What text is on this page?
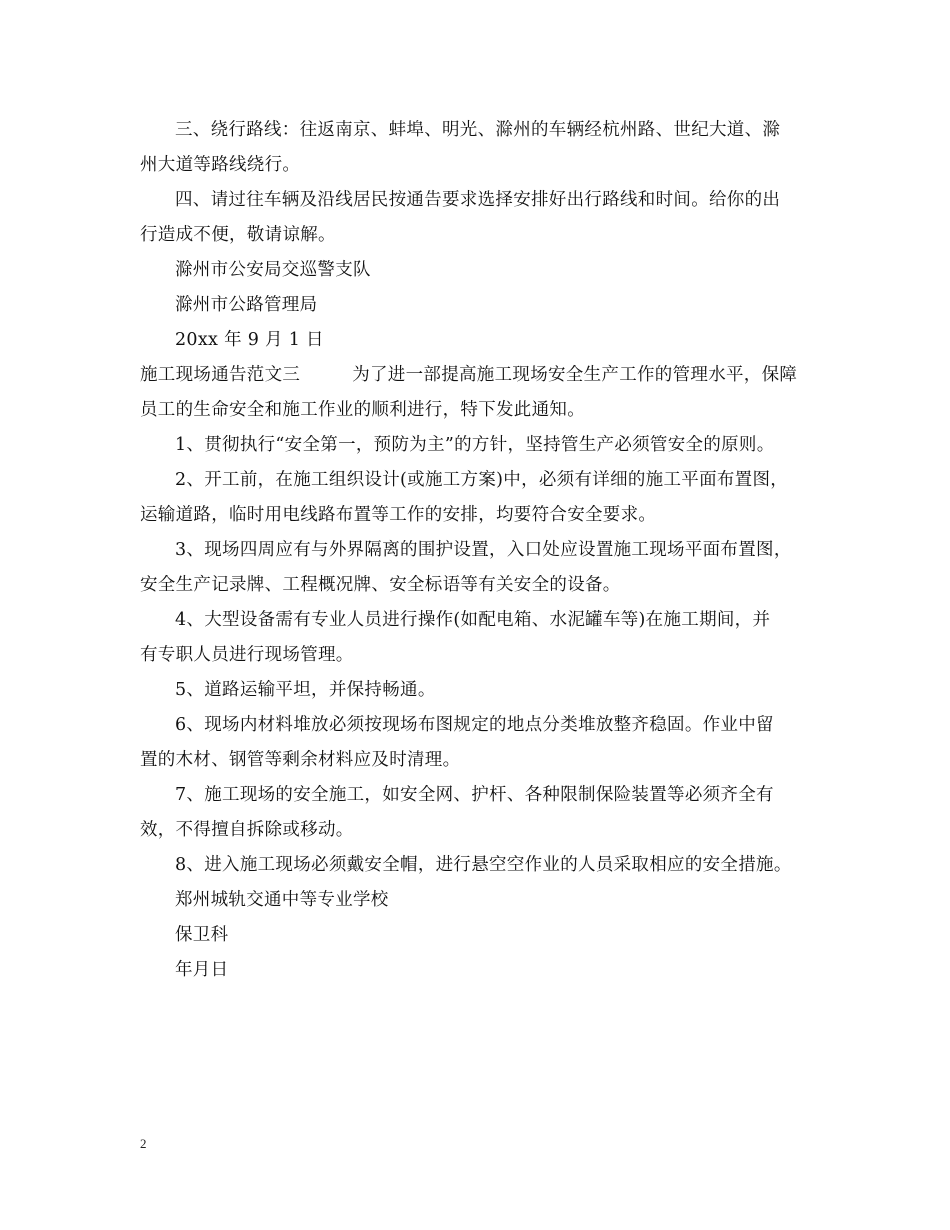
三、绕行路线：往返南京、蚌埠、明光、滁州的车辆经杭州路、世纪大道、滁
州大道等路线绕行。
四、请过往车辆及沿线居民按通告要求选择安排好出行路线和时间。给你的出
行造成不便，敬请谅解。
滁州市公安局交巡警支队
滁州市公路管理局
20xx 年 9 月 1 日
施工现场通告范文三	为了进一部提高施工现场安全生产工作的管理水平，保障
员工的生命安全和施工作业的顺利进行，特下发此通知。
1、贯彻执行“安全第一，预防为主”的方针，坚持管生产必须管安全的原则。
2、开工前，在施工组织设计(或施工方案)中，必须有详细的施工平面布置图，
运输道路，临时用电线路布置等工作的安排，均要符合安全要求。
3、现场四周应有与外界隔离的围护设置，入口处应设置施工现场平面布置图，
安全生产记录牌、工程概况牌、安全标语等有关安全的设备。
4、大型设备需有专业人员进行操作(如配电箱、水泥罐车等)在施工期间，并
有专职人员进行现场管理。
5、道路运输平坦，并保持畅通。
6、现场内材料堆放必须按现场布图规定的地点分类堆放整齐稳固。作业中留
置的木材、钢管等剩余材料应及时清理。
7、施工现场的安全施工，如安全网、护杆、各种限制保险装置等必须齐全有
效，不得擅自拆除或移动。
8、进入施工现场必须戴安全帽，进行悬空空作业的人员采取相应的安全措施。
郑州城轨交通中等专业学校
保卫科
年月日
2
